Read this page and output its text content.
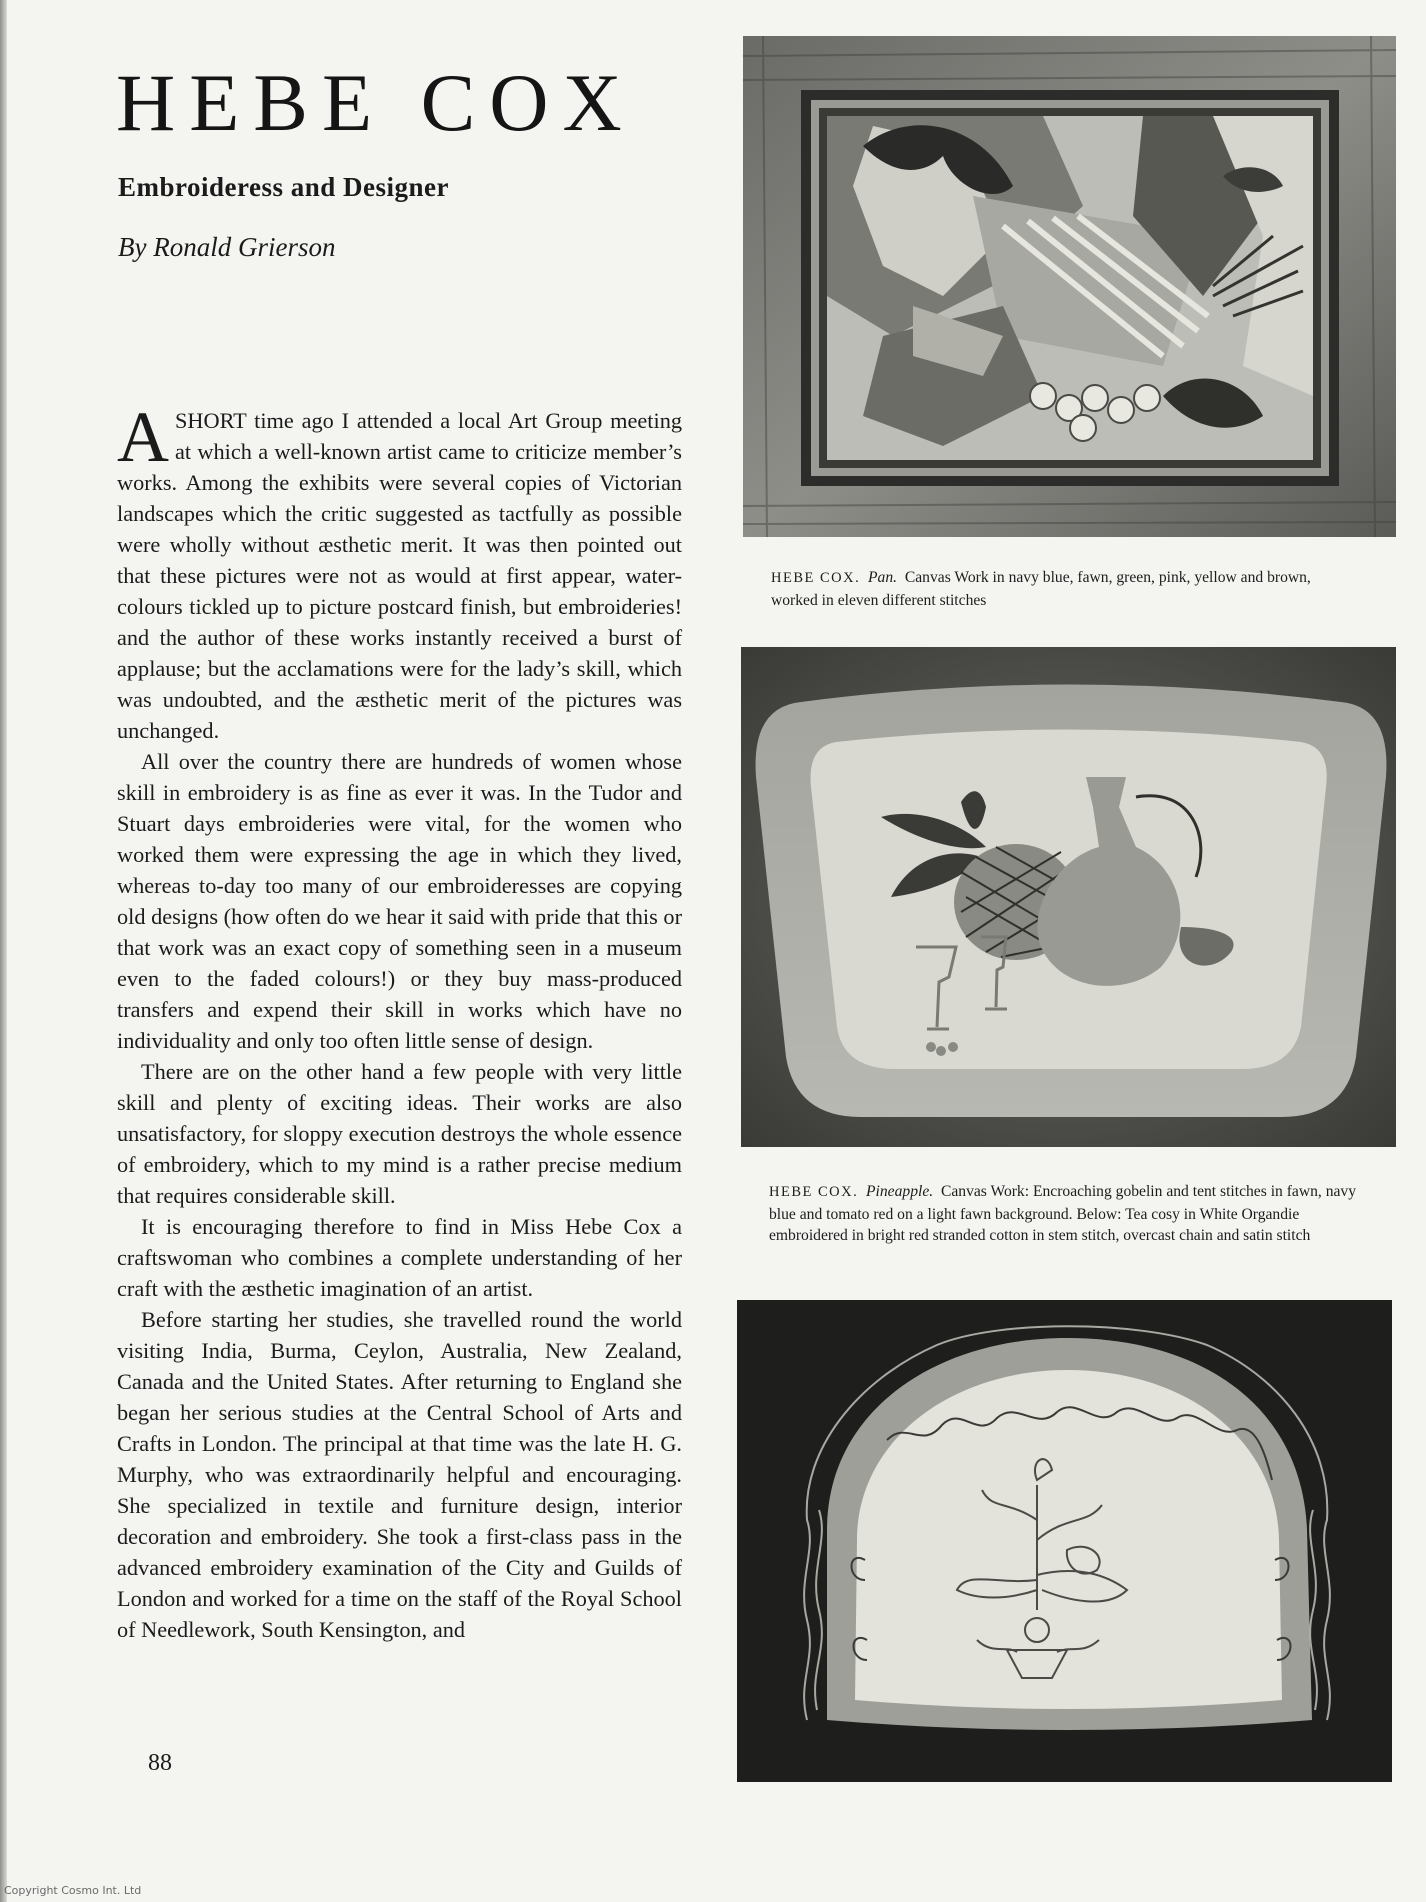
HEBE COX
Embroideress and Designer

By Ronald Grierson

ASHORT time ago I attended a local Art Group meeting at which a well-known artist came to criticize member’s works. Among the exhibits were several copies of Victorian landscapes which the critic suggested as tactfully as possible were wholly without æsthetic merit. It was then pointed out that these pictures were not as would at first appear, water-colours tickled up to picture postcard finish, but embroideries! and the author of these works instantly received a burst of applause; but the acclamations were for the lady’s skill, which was undoubted, and the æsthetic merit of the pictures was unchanged.

All over the country there are hundreds of women whose skill in embroidery is as fine as ever it was. In the Tudor and Stuart days embroideries were vital, for the women who worked them were expressing the age in which they lived, whereas to-day too many of our embroideresses are copying old designs (how often do we hear it said with pride that this or that work was an exact copy of something seen in a museum even to the faded colours!) or they buy mass-produced transfers and expend their skill in works which have no individuality and only too often little sense of design.

There are on the other hand a few people with very little skill and plenty of exciting ideas. Their works are also unsatisfactory, for sloppy execution destroys the whole essence of embroidery, which to my mind is a rather precise medium that requires considerable skill.

It is encouraging therefore to find in Miss Hebe Cox a craftswoman who combines a complete understanding of her craft with the æsthetic imagination of an artist.

Before starting her studies, she travelled round the world visiting India, Burma, Ceylon, Australia, New Zealand, Canada and the United States. After returning to England she began her serious studies at the Central School of Arts and Crafts in London. The principal at that time was the late H. G. Murphy, who was extraordinarily helpful and encouraging. She specialized in textile and furniture design, interior decoration and embroidery. She took a first-class pass in the advanced embroidery examination of the City and Guilds of London and worked for a time on the staff of the Royal School of Needlework, South Kensington, and

88
HEBE COX. Pan. Canvas Work in navy blue, fawn, green, pink, yellow and brown, worked in eleven different stitches
HEBE COX. Pineapple. Canvas Work: Encroaching gobelin and tent stitches in fawn, navy blue and tomato red on a light fawn background. Below: Tea cosy in White Organdie embroidered in bright red stranded cotton in stem stitch, overcast chain and satin stitch
Copyright Cosmo Int. Ltd
